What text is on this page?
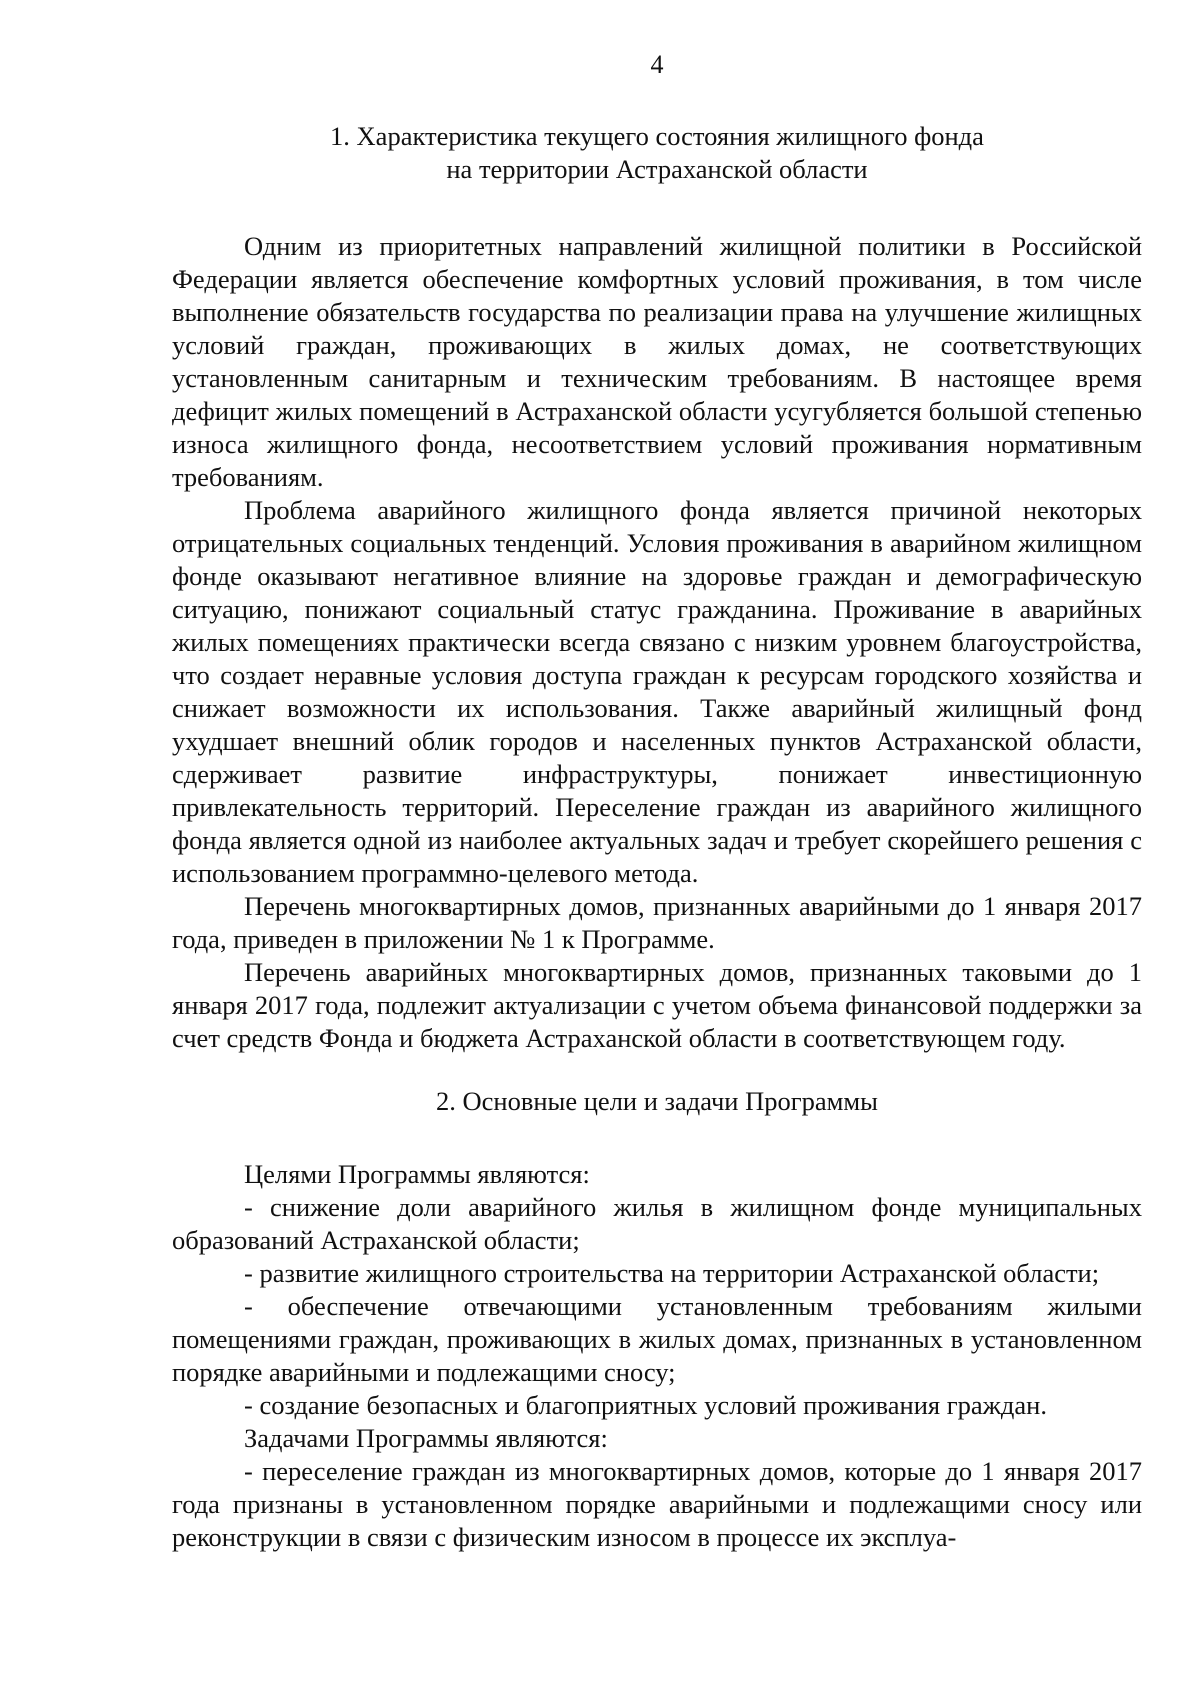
4
1. Характеристика текущего состояния жилищного фонда
на территории Астраханской области

Одним из приоритетных направлений жилищной политики в Российской Федерации является обеспечение комфортных условий проживания, в том числе выполнение обязательств государства по реализации права на улучшение жилищных условий граждан, проживающих в жилых домах, не соответствующих установленным санитарным и техническим требованиям. В настоящее время дефицит жилых помещений в Астраханской области усугубляется большой степенью износа жилищного фонда, несоответствием условий проживания нормативным требованиям.

Проблема аварийного жилищного фонда является причиной некоторых отрицательных социальных тенденций. Условия проживания в аварийном жилищном фонде оказывают негативное влияние на здоровье граждан и демографическую ситуацию, понижают социальный статус гражданина. Проживание в аварийных жилых помещениях практически всегда связано с низким уровнем благоустройства, что создает неравные условия доступа граждан к ресурсам городского хозяйства и снижает возможности их использования. Также аварийный жилищный фонд ухудшает внешний облик городов и населенных пунктов Астраханской области, сдерживает развитие инфраструктуры, понижает инвестиционную привлекательность территорий. Переселение граждан из аварийного жилищного фонда является одной из наиболее актуальных задач и требует скорейшего решения с использованием программно-целевого метода.

Перечень многоквартирных домов, признанных аварийными до 1 января 2017 года, приведен в приложении № 1 к Программе.

Перечень аварийных многоквартирных домов, признанных таковыми до 1 января 2017 года, подлежит актуализации с учетом объема финансовой поддержки за счет средств Фонда и бюджета Астраханской области в соответствующем году.

2. Основные цели и задачи Программы

Целями Программы являются:

- снижение доли аварийного жилья в жилищном фонде муниципальных образований Астраханской области;

- развитие жилищного строительства на территории Астраханской области;

- обеспечение отвечающими установленным требованиям жилыми помещениями граждан, проживающих в жилых домах, признанных в установленном порядке аварийными и подлежащими сносу;

- создание безопасных и благоприятных условий проживания граждан.

Задачами Программы являются:

- переселение граждан из многоквартирных домов, которые до 1 января 2017 года признаны в установленном порядке аварийными и подлежащими сносу или реконструкции в связи с физическим износом в процессе их эксплуа-
